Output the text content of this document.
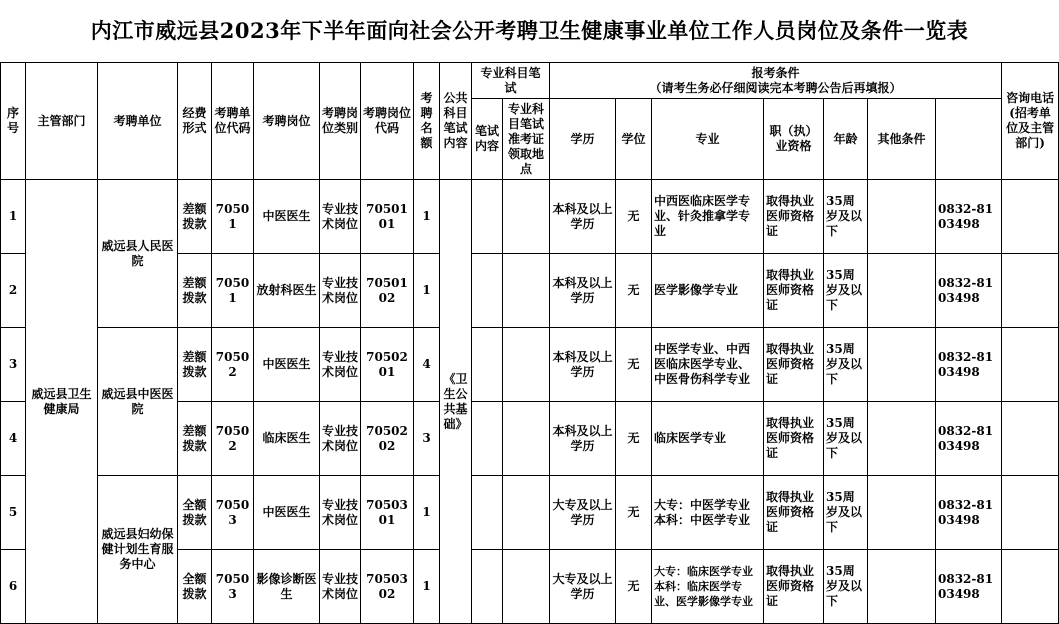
内江市威远县2023年下半年面向社会公开考聘卫生健康事业单位工作人员岗位及条件一览表
序号	主管部门	考聘单位	经费形式	考聘单位代码	考聘岗位	考聘岗位类别	考聘岗位代码	考聘名额	公共科目笔试内容	专业科目笔 试		报考条件
（请考生务必仔细阅读完本考聘公告后再填报）							咨询电话(招考单位及主管部门)	
										笔试内容	专业科目笔试准考证领取地 点	学历	学位	专业	职（执）业资格	年龄	其他条件			
1	威远县卫生健康局	威远县人民医院	差额拨款	70501	中医医生	专业技术岗位	7050101	1	《卫生公共基础》			本科及以上学历	无	中西医临床医学专业、针灸推拿学专业	取得执业医师资格证	35周岁及以下		0832-8103498		
2			差额拨款	70501	放射科医生	专业技术岗位	7050102	1				本科及以上学历	无	医学影像学专业	取得执业医师资格证	35周岁及以下		0832-8103498		
3		威远县中医医院	差额拨款	70502	中医医生	专业技术岗位	7050201	4				本科及以上学历	无	中医学专业、中西医临床医学专业、中医骨伤科学专业	取得执业医师资格证	35周岁及以下		0832-8103498		
4			差额拨款	70502	临床医生	专业技术岗位	7050202	3				本科及以上学历	无	临床医学专业	取得执业医师资格证	35周岁及以下		0832-8103498		
5		威远县妇幼保健计划生育服务中心	全额拨款	70503	中医医生	专业技术岗位	7050301	1				大专及以上学历	无	大专：中医学专业本科：中医学专业	取得执业医师资格证	35周岁及以下		0832-8103498		
6			全额拨款	70503	影像诊断医生	专业技术岗位	7050302	1				大专及以上学历	无	大专：临床医学专业本科：临床医学专业、医学影像学专业	取得执业医师资格证	35周岁及以下		0832-8103498		
